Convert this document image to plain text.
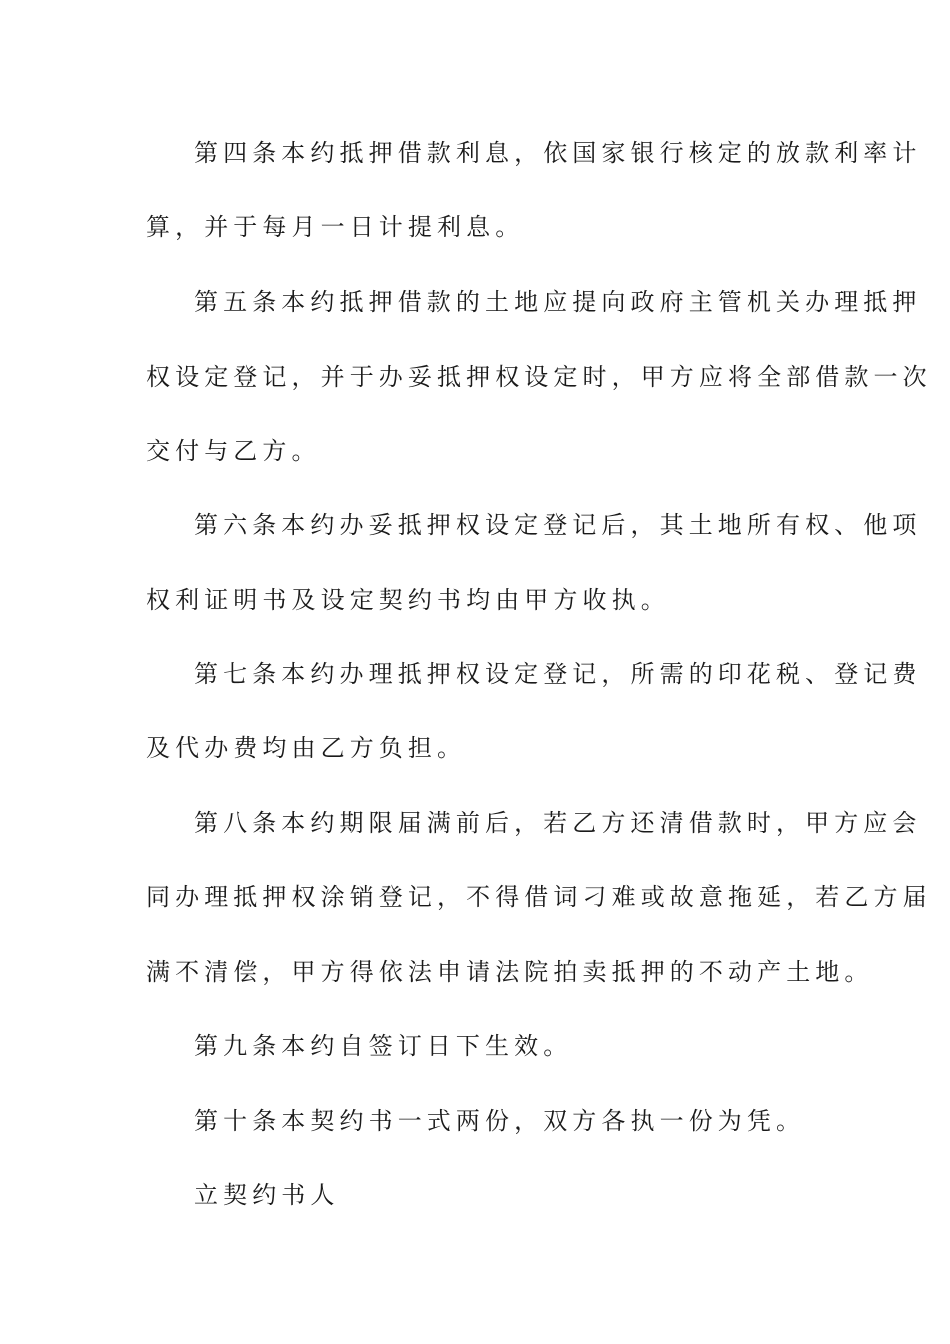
第四条本约抵押借款利息，依国家银行核定的放款利率计
算，并于每月一日计提利息。
第五条本约抵押借款的土地应提向政府主管机关办理抵押
权设定登记，并于办妥抵押权设定时，甲方应将全部借款一次
交付与乙方。
第六条本约办妥抵押权设定登记后，其土地所有权、他项
权利证明书及设定契约书均由甲方收执。
第七条本约办理抵押权设定登记，所需的印花税、登记费
及代办费均由乙方负担。
第八条本约期限届满前后，若乙方还清借款时，甲方应会
同办理抵押权涂销登记，不得借词刁难或故意拖延，若乙方届
满不清偿，甲方得依法申请法院拍卖抵押的不动产土地。
第九条本约自签订日下生效。
第十条本契约书一式两份，双方各执一份为凭。
立契约书人
